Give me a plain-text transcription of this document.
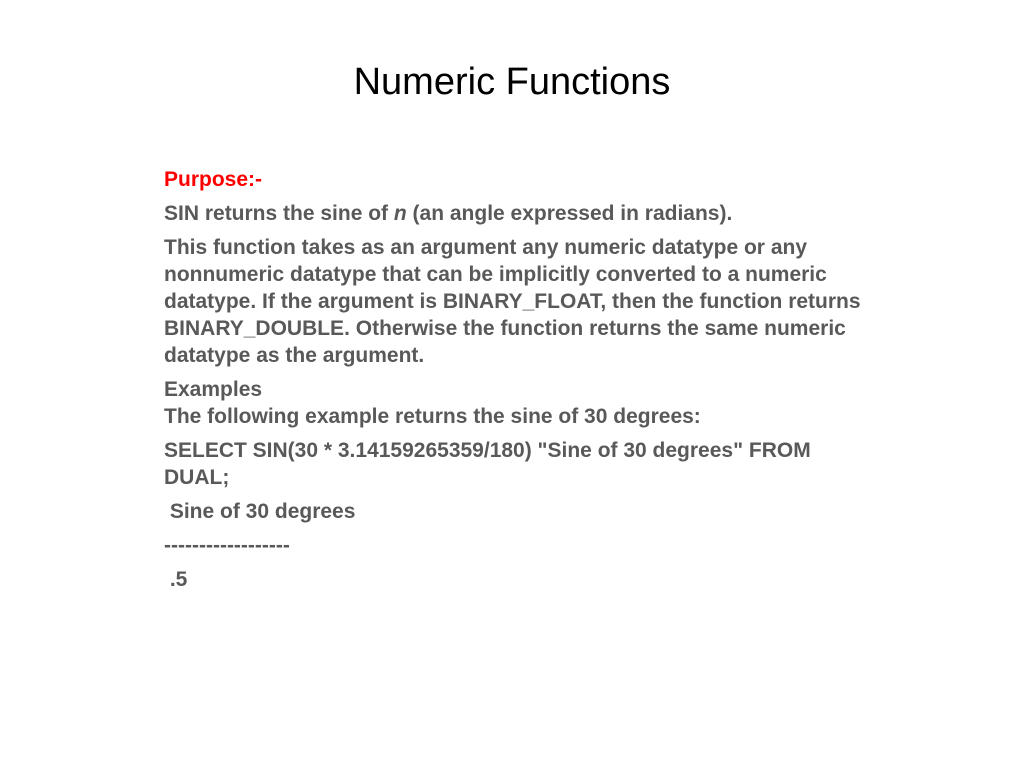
Numeric Functions

Purpose:-

SIN returns the sine of n (an angle expressed in radians).

This function takes as an argument any numeric datatype or any nonnumeric datatype that can be implicitly converted to a numeric datatype. If the argument is BINARY_FLOAT, then the function returns BINARY_DOUBLE. Otherwise the function returns the same numeric datatype as the argument.

Examples
The following example returns the sine of 30 degrees:

SELECT SIN(30 * 3.14159265359/180) "Sine of 30 degrees" FROM DUAL;

Sine of 30 degrees

------------------

.5
